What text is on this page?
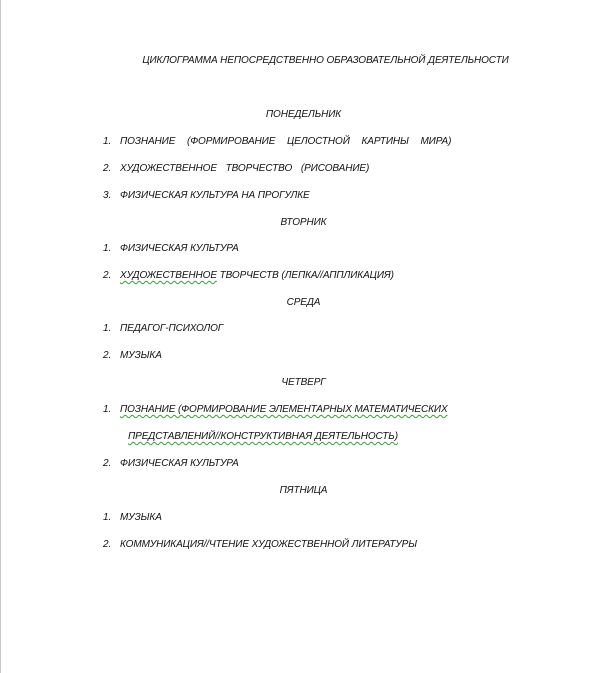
ЦИКЛОГРАММА НЕПОСРЕДСТВЕННО ОБРАЗОВАТЕЛЬНОЙ ДЕЯТЕЛЬНОСТИ
ПОНЕДЕЛЬНИК
1. ПОЗНАНИЕ (ФОРМИРОВАНИЕ ЦЕЛОСТНОЙ КАРТИНЫ МИРА)
2. ХУДОЖЕСТВЕННОЕ ТВОРЧЕСТВО (РИСОВАНИЕ)
3. ФИЗИЧЕСКАЯ КУЛЬТУРА НА ПРОГУЛКЕ
ВТОРНИК
1. ФИЗИЧЕСКАЯ КУЛЬТУРА
2. ХУДОЖЕСТВЕННОЕ ТВОРЧЕСТВ (ЛЕПКА//АППЛИКАЦИЯ)
СРЕДА
1. ПЕДАГОГ-ПСИХОЛОГ
2. МУЗЫКА
ЧЕТВЕРГ
1. ПОЗНАНИЕ (ФОРМИРОВАНИЕ ЭЛЕМЕНТАРНЫХ МАТЕМАТИЧЕСКИХ
ПРЕДСТАВЛЕНИЙ//КОНСТРУКТИВНАЯ ДЕЯТЕЛЬНОСТЬ)
2. ФИЗИЧЕСКАЯ КУЛЬТУРА
ПЯТНИЦА
1. МУЗЫКА
2. КОММУНИКАЦИЯ//ЧТЕНИЕ ХУДОЖЕСТВЕННОЙ ЛИТЕРАТУРЫ
